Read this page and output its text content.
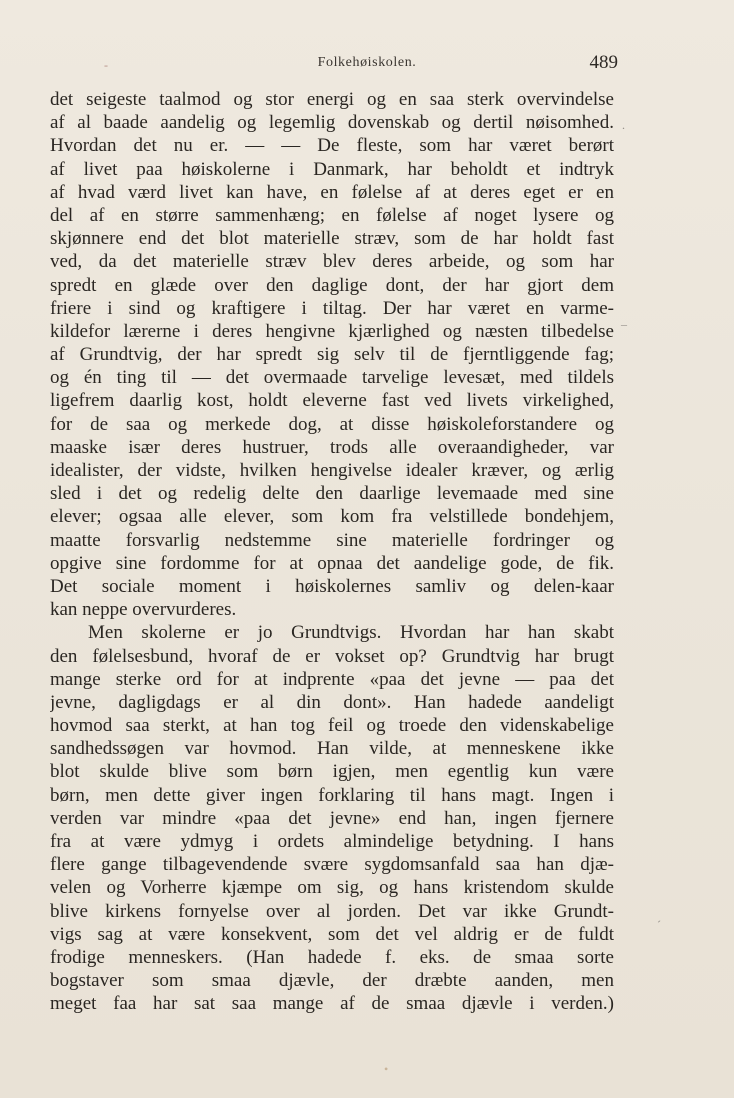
-	Folkehøiskolen.	489
det seigeste taalmod og stor energi og en saa sterk overvindelse
af al baade aandelig og legemlig dovenskab og dertil nøisomhed.
Hvordan det nu er. — — De fleste, som har været berørt
af livet paa høiskolerne i Danmark, har beholdt et indtryk
af hvad værd livet kan have, en følelse af at deres eget er en
del af en større sammenhæng; en følelse af noget lysere og
skjønnere end det blot materielle stræv, som de har holdt fast
ved, da det materielle stræv blev deres arbeide, og som har
spredt en glæde over den daglige dont, der har gjort dem
friere i sind og kraftigere i tiltag. Der har været en varme-
kildefor lærerne i deres hengivne kjærlighed og næsten tilbedelse
af Grundtvig, der har spredt sig selv til de fjerntliggende fag;
og én ting til — det overmaade tarvelige levesæt, med tildels
ligefrem daarlig kost, holdt eleverne fast ved livets virkelighed,
for de saa og merkede dog, at disse høiskoleforstandere og
maaske især deres hustruer, trods alle overaandigheder, var
idealister, der vidste, hvilken hengivelse idealer kræver, og ærlig
sled i det og redelig delte den daarlige levemaade med sine
elever; ogsaa alle elever, som kom fra velstillede bondehjem,
maatte forsvarlig nedstemme sine materielle fordringer og
opgive sine fordomme for at opnaa det aandelige gode, de fik.
Det sociale moment i høiskolernes samliv og delen-kaar
kan neppe overvurderes.
Men skolerne er jo Grundtvigs. Hvordan har han skabt
den følelsesbund, hvoraf de er vokset op? Grundtvig har brugt
mange sterke ord for at indprente «paa det jevne — paa det
jevne, dagligdags er al din dont». Han hadede aandeligt
hovmod saa sterkt, at han tog feil og troede den videnskabelige
sandhedssøgen var hovmod. Han vilde, at menneskene ikke
blot skulde blive som børn igjen, men egentlig kun være
børn, men dette giver ingen forklaring til hans magt. Ingen i
verden var mindre «paa det jevne» end han, ingen fjernere
fra at være ydmyg i ordets almindelige betydning. I hans
flere gange tilbagevendende svære sygdomsanfald saa han djæ-
velen og Vorherre kjæmpe om sig, og hans kristendom skulde
blive kirkens fornyelse over al jorden. Det var ikke Grundt-
vigs sag at være konsekvent, som det vel aldrig er de fuldt
frodige menneskers. (Han hadede f. eks. de smaa sorte
bogstaver som smaa djævle, der dræbte aanden, men
meget faa har sat saa mange af de smaa djævle i verden.)
.
_
´
•
